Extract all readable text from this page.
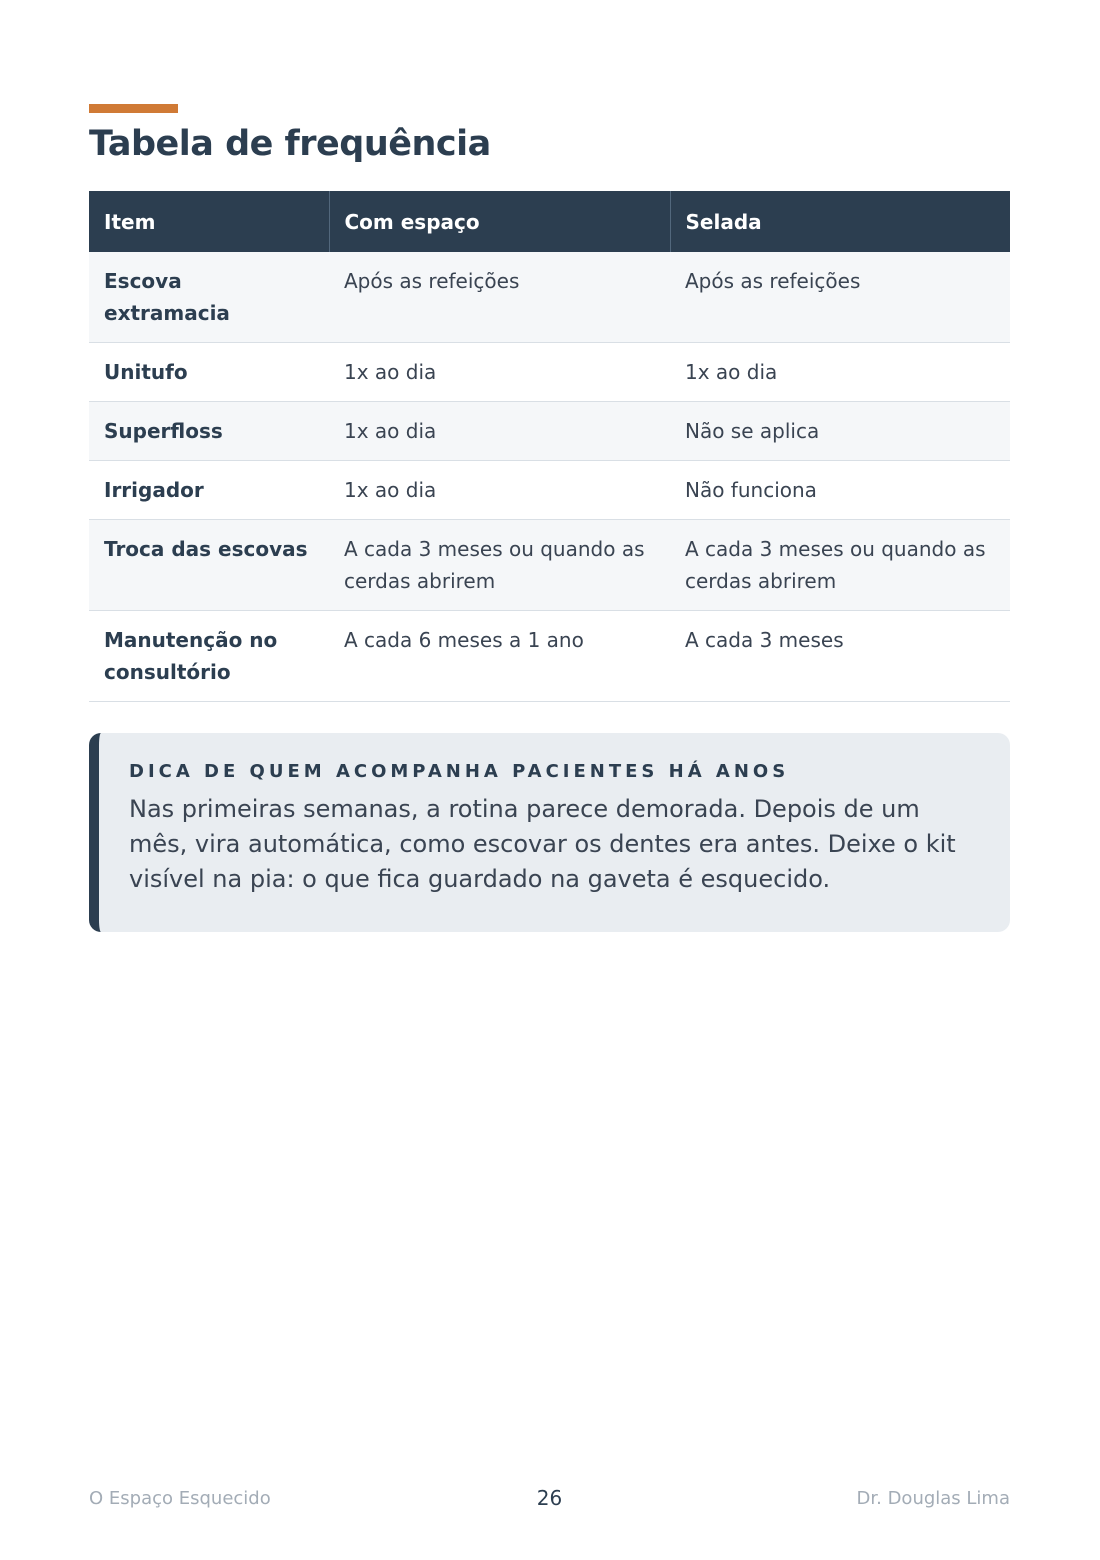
Tabela de frequência
Item	Com espaço	Selada
Escova extramacia	Após as refeições	Após as refeições
Unitufo	1x ao dia	1x ao dia
Superfloss	1x ao dia	Não se aplica
Irrigador	1x ao dia	Não funciona
Troca das escovas	A cada 3 meses ou quando as cerdas abrirem	A cada 3 meses ou quando as cerdas abrirem
Manutenção no consultório	A cada 6 meses a 1 ano	A cada 3 meses

DICA DE QUEM ACOMPANHA PACIENTES HÁ ANOS

Nas primeiras semanas, a rotina parece demorada. Depois de um mês, vira automática, como escovar os dentes era antes. Deixe o kit visível na pia: o que fica guardado na gaveta é esquecido.

O Espaço Esquecido	26	Dr. Douglas Lima
